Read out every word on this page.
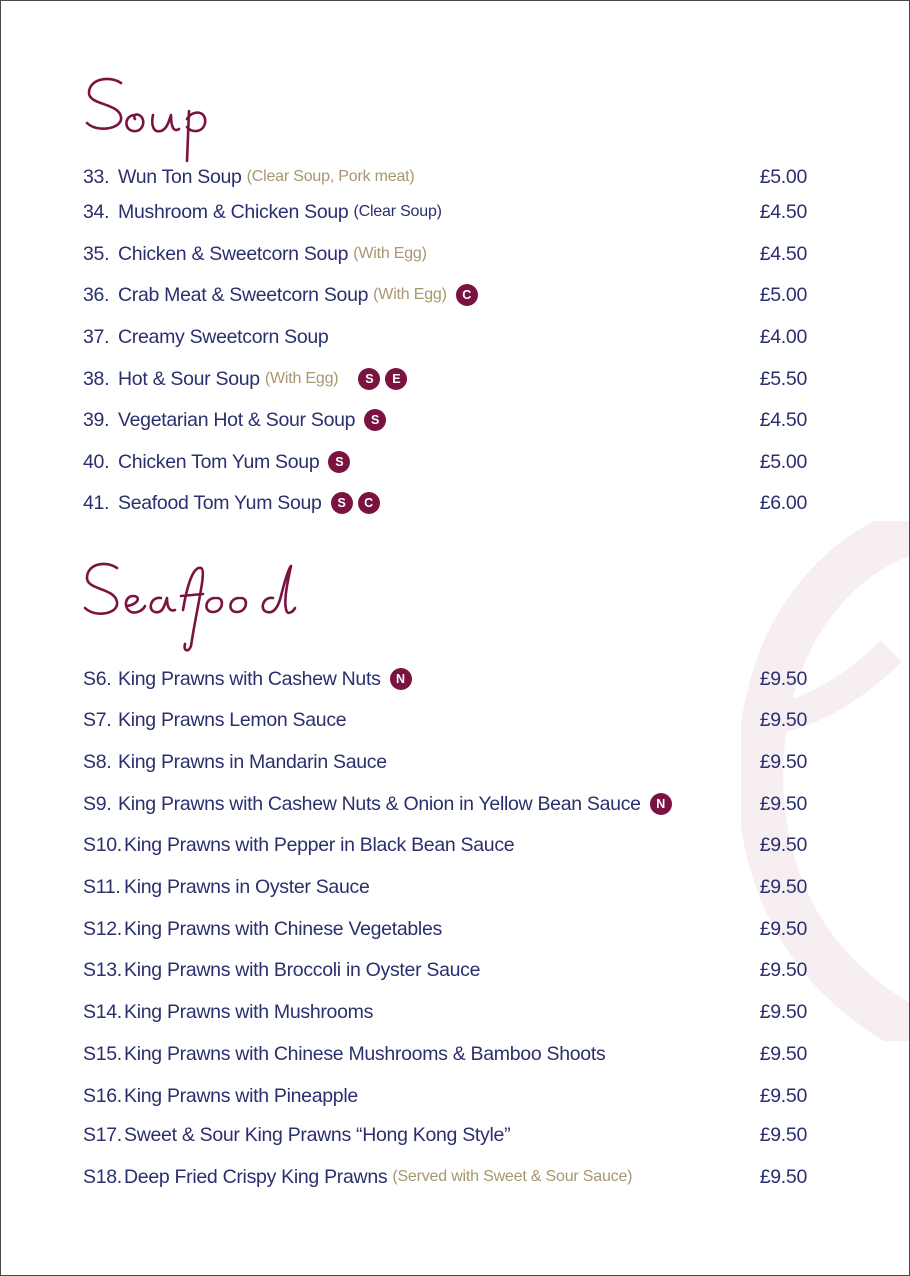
33. Wun Ton Soup (Clear Soup, Pork meat)	£5.00
34. Mushroom & Chicken Soup (Clear Soup)	£4.50
35. Chicken & Sweetcorn Soup (With Egg)	£4.50
36. Crab Meat & Sweetcorn Soup (With Egg)	C	£5.00
37. Creamy Sweetcorn Soup	£4.00
38. Hot & Sour Soup (With Egg)	S	E	£5.50
39. Vegetarian Hot & Sour Soup	S	£4.50
40. Chicken Tom Yum Soup	S	£5.00
41. Seafood Tom Yum Soup	S	C	£6.00
S6. King Prawns with Cashew Nuts	N	£9.50
S7. King Prawns Lemon Sauce	£9.50
S8. King Prawns in Mandarin Sauce	£9.50
S9. King Prawns with Cashew Nuts & Onion in Yellow Bean Sauce	N	£9.50
S10. King Prawns with Pepper in Black Bean Sauce	£9.50
S11. King Prawns in Oyster Sauce	£9.50
S12. King Prawns with Chinese Vegetables	£9.50
S13. King Prawns with Broccoli in Oyster Sauce	£9.50
S14. King Prawns with Mushrooms	£9.50
S15. King Prawns with Chinese Mushrooms & Bamboo Shoots	£9.50
S16. King Prawns with Pineapple	£9.50
S17. Sweet & Sour King Prawns “Hong Kong Style”	£9.50
S18. Deep Fried Crispy King Prawns (Served with Sweet & Sour Sauce)	£9.50
